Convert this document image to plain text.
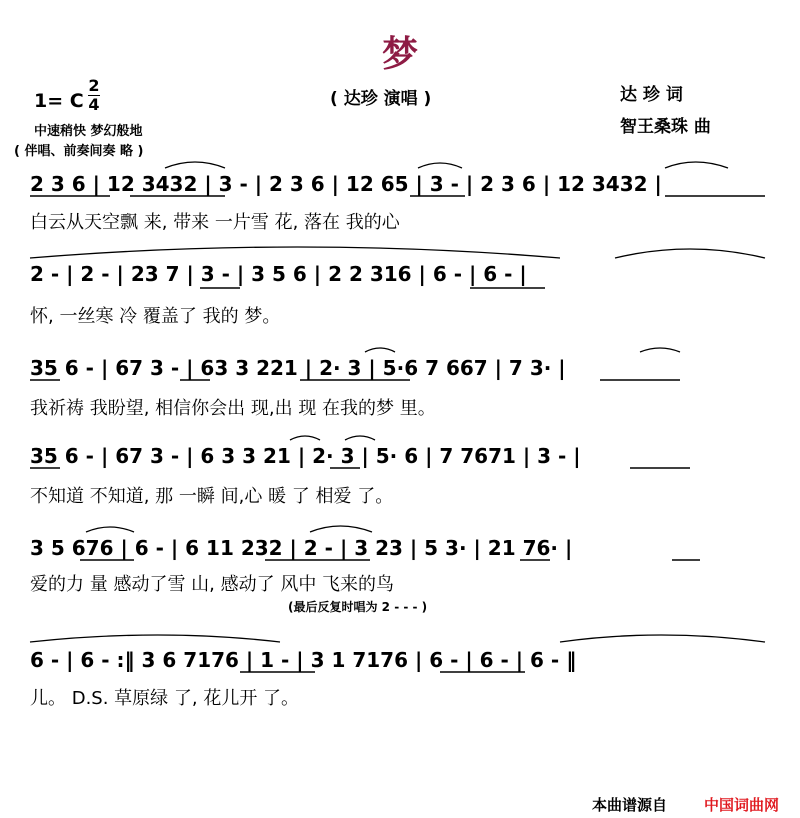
梦
1= C
2
4	( 达珍 演唱 )	达 珍 词
智王桑珠 曲
中速稍快 梦幻般地
( 伴唱、前奏间奏 略 )
2 3 6 | 12 3432 | 3 - | 2 3 6 | 12 65 | 3 - | 2 3 6 | 12 3432 |
白云从天空飘 来, 带来 一片雪 花, 落在 我的心
2 - | 2 - | 23 7 | 3 - | 3 5 6 | 2 2 316 | 6 - | 6 - |
怀, 一丝寒 冷 覆盖了 我的 梦。
35 6 - | 67 3 - | 63 3 221 | 2· 3 | 5·6 7 667 | 7 3· |
我祈祷 我盼望, 相信你会出 现,出 现 在我的梦 里。
35 6 - | 67 3 - | 6 3 3 21 | 2· 3 | 5· 6 | 7 7671 | 3 - |
不知道 不知道, 那 一瞬 间,心 暖 了 相爱 了。
3 5 676 | 6 - | 6 11 232 | 2 - | 3 23 | 5 3· | 21 76· |
爱的力 量 感动了雪 山, 感动了 风中 飞来的鸟
(最后反复时唱为 2 - - - )
6 - | 6 - :‖ 3 6 7176 | 1 - | 3 1 7176 | 6 - | 6 - | 6 - ‖
儿。 D.S. 草原绿 了, 花儿开 了。
本曲谱源自 中国词曲网
